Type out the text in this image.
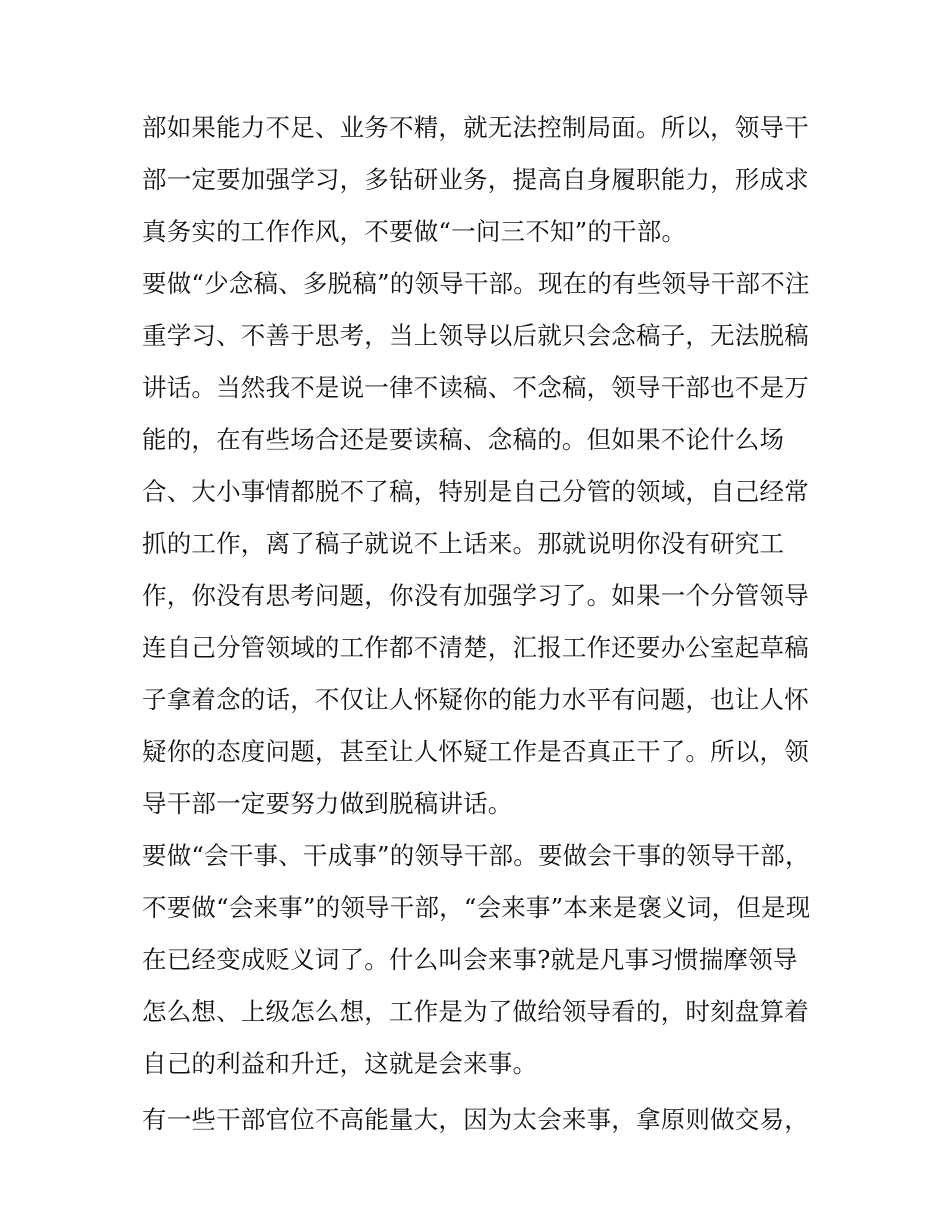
部如果能力不足、业务不精，就无法控制局面。所以，领导干
部一定要加强学习，多钻研业务，提高自身履职能力，形成求
真务实的工作作风，不要做“一问三不知”的干部。
要做“少念稿、多脱稿”的领导干部。现在的有些领导干部不注
重学习、不善于思考，当上领导以后就只会念稿子，无法脱稿
讲话。当然我不是说一律不读稿、不念稿，领导干部也不是万
能的，在有些场合还是要读稿、念稿的。但如果不论什么场
合、大小事情都脱不了稿，特别是自己分管的领域，自己经常
抓的工作，离了稿子就说不上话来。那就说明你没有研究工
作，你没有思考问题，你没有加强学习了。如果一个分管领导
连自己分管领域的工作都不清楚，汇报工作还要办公室起草稿
子拿着念的话，不仅让人怀疑你的能力水平有问题，也让人怀
疑你的态度问题，甚至让人怀疑工作是否真正干了。所以，领
导干部一定要努力做到脱稿讲话。
要做“会干事、干成事”的领导干部。要做会干事的领导干部，
不要做“会来事”的领导干部，“会来事”本来是褒义词，但是现
在已经变成贬义词了。什么叫会来事?就是凡事习惯揣摩领导
怎么想、上级怎么想，工作是为了做给领导看的，时刻盘算着
自己的利益和升迁，这就是会来事。
有一些干部官位不高能量大，因为太会来事，拿原则做交易，
